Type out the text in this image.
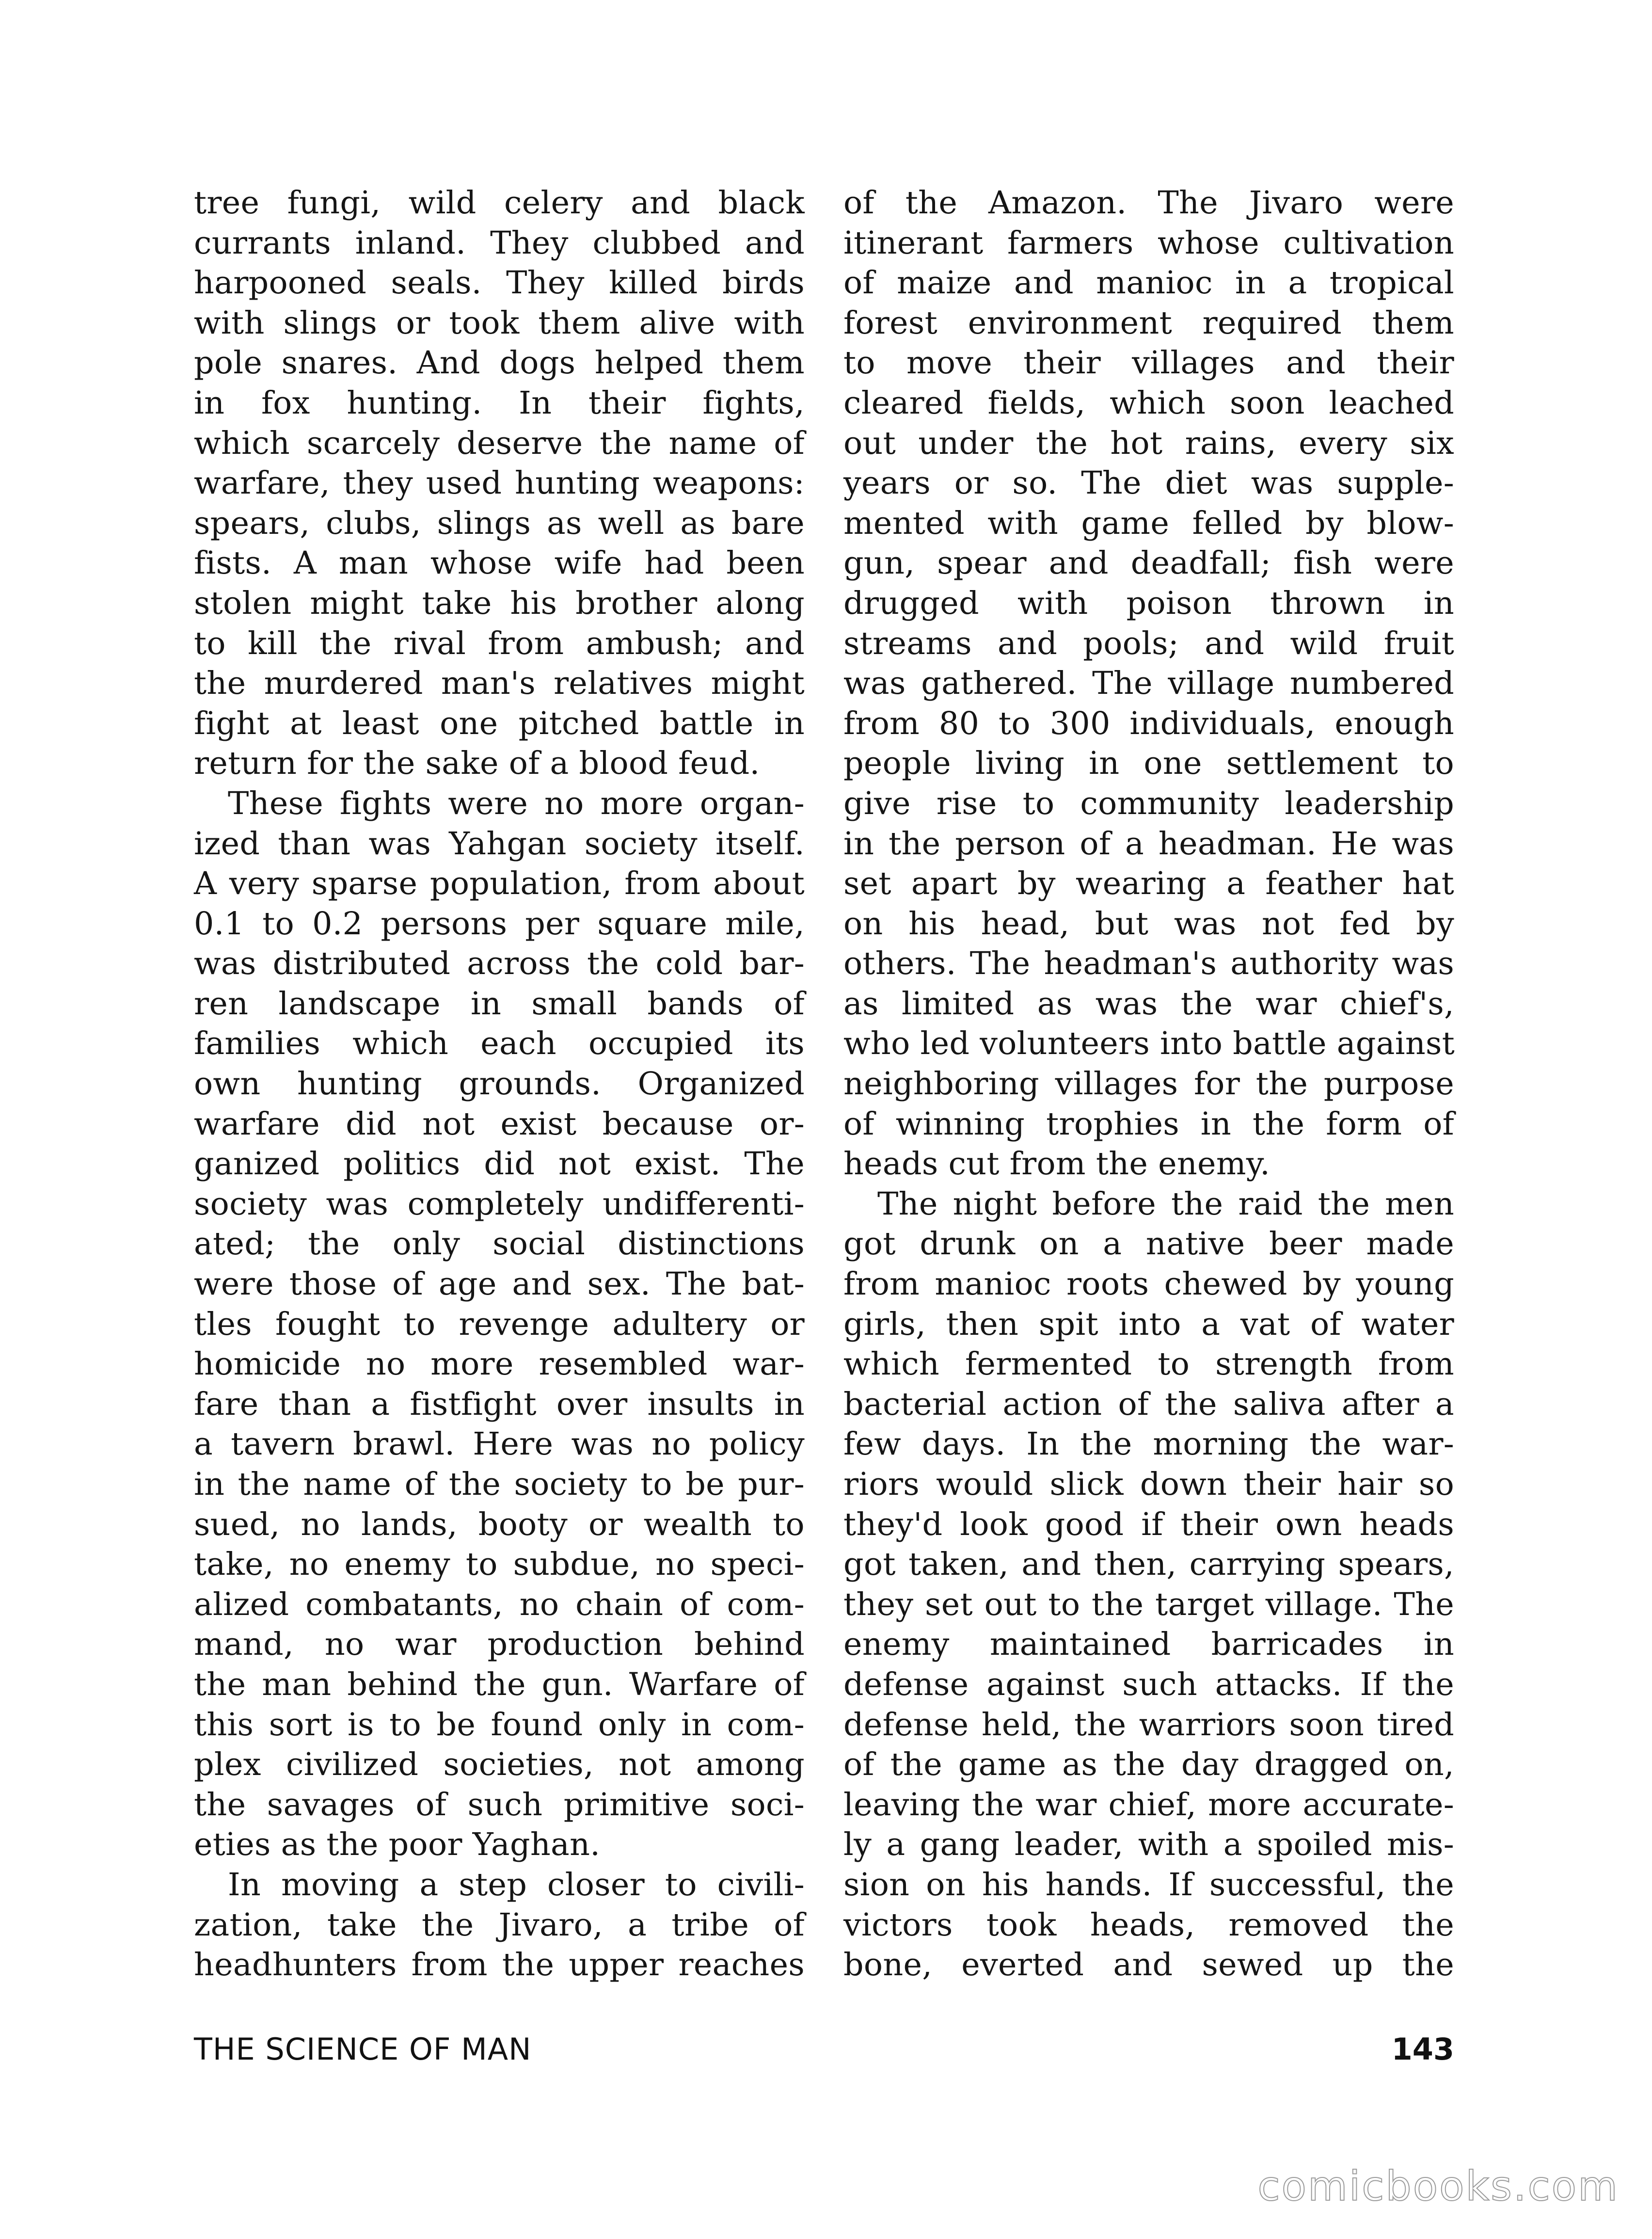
tree fungi, wild celery and black
currants inland. They clubbed and
harpooned seals. They killed birds
with slings or took them alive with
pole snares. And dogs helped them
in fox hunting. In their fights,
which scarcely deserve the name of
warfare, they used hunting weapons:
spears, clubs, slings as well as bare
fists. A man whose wife had been
stolen might take his brother along
to kill the rival from ambush; and
the murdered man's relatives might
fight at least one pitched battle in
return for the sake of a blood feud.
These fights were no more organ-
ized than was Yahgan society itself.
A very sparse population, from about
0.1 to 0.2 persons per square mile,
was distributed across the cold bar-
ren landscape in small bands of
families which each occupied its
own hunting grounds. Organized
warfare did not exist because or-
ganized politics did not exist. The
society was completely undifferenti-
ated; the only social distinctions
were those of age and sex. The bat-
tles fought to revenge adultery or
homicide no more resembled war-
fare than a fistfight over insults in
a tavern brawl. Here was no policy
in the name of the society to be pur-
sued, no lands, booty or wealth to
take, no enemy to subdue, no speci-
alized combatants, no chain of com-
mand, no war production behind
the man behind the gun. Warfare of
this sort is to be found only in com-
plex civilized societies, not among
the savages of such primitive soci-
eties as the poor Yaghan.
In moving a step closer to civili-
zation, take the Jivaro, a tribe of
headhunters from the upper reaches
of the Amazon. The Jivaro were
itinerant farmers whose cultivation
of maize and manioc in a tropical
forest environment required them
to move their villages and their
cleared fields, which soon leached
out under the hot rains, every six
years or so. The diet was supple-
mented with game felled by blow-
gun, spear and deadfall; fish were
drugged with poison thrown in
streams and pools; and wild fruit
was gathered. The village numbered
from 80 to 300 individuals, enough
people living in one settlement to
give rise to community leadership
in the person of a headman. He was
set apart by wearing a feather hat
on his head, but was not fed by
others. The headman's authority was
as limited as was the war chief's,
who led volunteers into battle against
neighboring villages for the purpose
of winning trophies in the form of
heads cut from the enemy.
The night before the raid the men
got drunk on a native beer made
from manioc roots chewed by young
girls, then spit into a vat of water
which fermented to strength from
bacterial action of the saliva after a
few days. In the morning the war-
riors would slick down their hair so
they'd look good if their own heads
got taken, and then, carrying spears,
they set out to the target village. The
enemy maintained barricades in
defense against such attacks. If the
defense held, the warriors soon tired
of the game as the day dragged on,
leaving the war chief, more accurate-
ly a gang leader, with a spoiled mis-
sion on his hands. If successful, the
victors took heads, removed the
bone, everted and sewed up the
THE SCIENCE OF MAN	143
comicbooks.com
